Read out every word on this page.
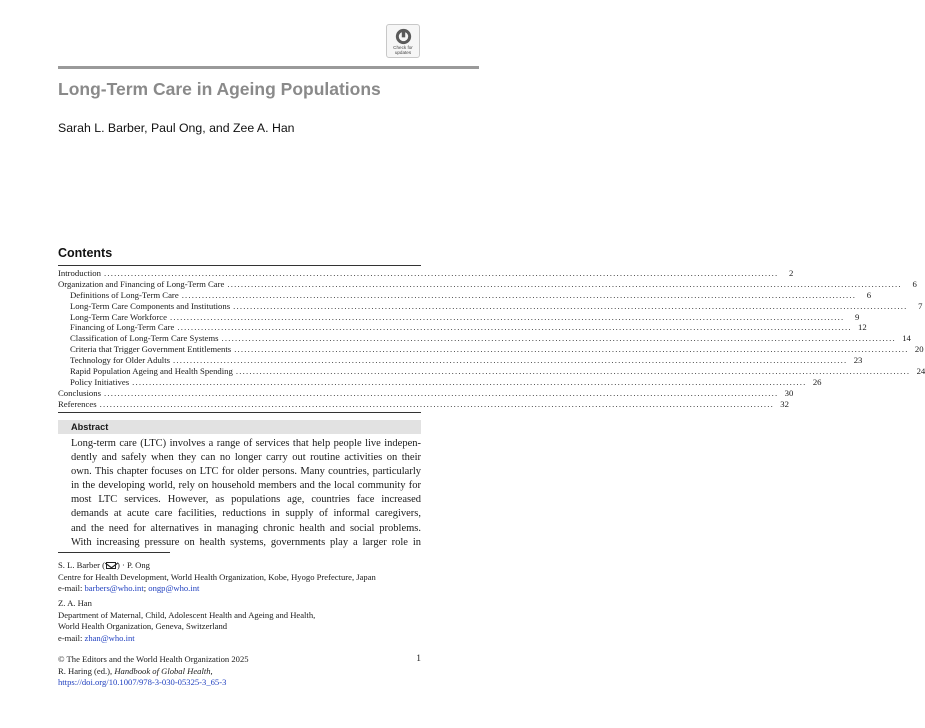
Check for
updates
Long-Term Care in Ageing Populations
Sarah L. Barber, Paul Ong, and Zee A. Han
Contents
Introduction ........................................................................................................................................................................................................	2
Organization and Financing of Long-Term Care ........................................................................................................................................................................................................	6
Definitions of Long-Term Care ........................................................................................................................................................................................................	6
Long-Term Care Components and Institutions ........................................................................................................................................................................................................	7
Long-Term Care Workforce ........................................................................................................................................................................................................	9
Financing of Long-Term Care ........................................................................................................................................................................................................ 12
Classification of Long-Term Care Systems ........................................................................................................................................................................................................ 14
Criteria that Trigger Government Entitlements ........................................................................................................................................................................................................ 20
Technology for Older Adults ........................................................................................................................................................................................................ 23
Rapid Population Ageing and Health Spending ........................................................................................................................................................................................................ 24
Policy Initiatives ........................................................................................................................................................................................................ 26
Conclusions ........................................................................................................................................................................................................ 30
References ........................................................................................................................................................................................................ 32
Abstract
Long-term care (LTC) involves a range of services that help people live indepen-
dently and safely when they can no longer carry out routine activities on their
own. This chapter focuses on LTC for older persons. Many countries, particularly
in the developing world, rely on household members and the local community for
most LTC services. However, as populations age, countries face increased
demands at acute care facilities, reductions in supply of informal caregivers,
and the need for alternatives in managing chronic health and social problems.
With increasing pressure on health systems, governments play a larger role in
S. L. Barber ( ) · P. Ong
Centre for Health Development, World Health Organization, Kobe, Hyogo Prefecture, Japan
e-mail: barbers@who.int; ongp@who.int
Z. A. Han
Department of Maternal, Child, Adolescent Health and Ageing and Health,
World Health Organization, Geneva, Switzerland
e-mail: zhan@who.int
© The Editors and the World Health Organization 2025
R. Haring (ed.), Handbook of Global Health,
https://doi.org/10.1007/978-3-030-05325-3_65-3
1
